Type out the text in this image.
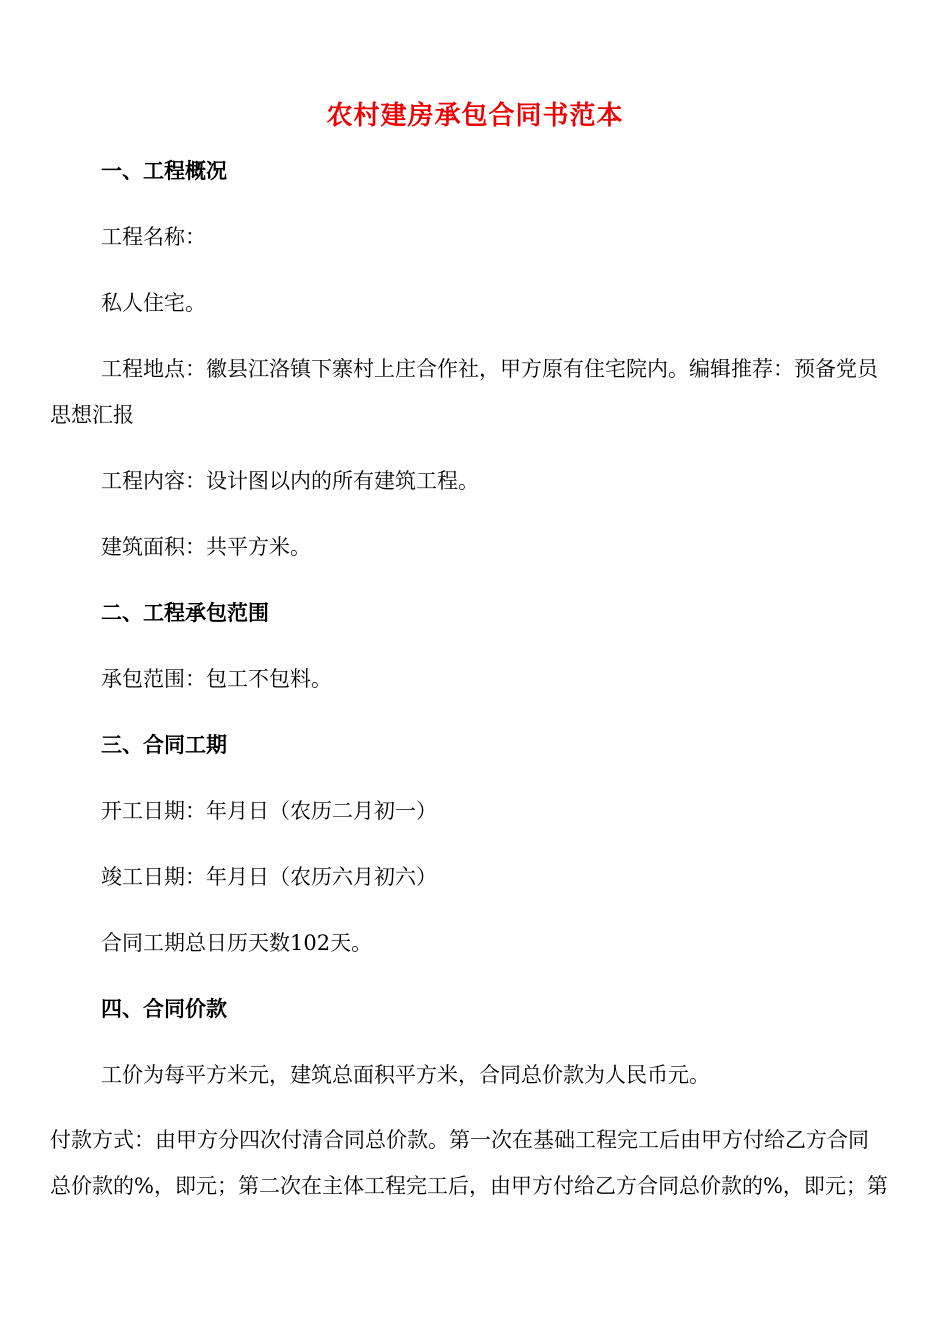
农村建房承包合同书范本
一、工程概况
工程名称：
私人住宅。
工程地点：徽县江洛镇下寨村上庄合作社，甲方原有住宅院内。编辑推荐：预备党员
思想汇报
工程内容：设计图以内的所有建筑工程。
建筑面积：共平方米。
二、工程承包范围
承包范围：包工不包料。
三、合同工期
开工日期：年月日（农历二月初一）
竣工日期：年月日（农历六月初六）
合同工期总日历天数102天。
四、合同价款
工价为每平方米元，建筑总面积平方米，合同总价款为人民币元。
付款方式：由甲方分四次付清合同总价款。第一次在基础工程完工后由甲方付给乙方合同
总价款的%，即元；第二次在主体工程完工后，由甲方付给乙方合同总价款的%，即元；第
